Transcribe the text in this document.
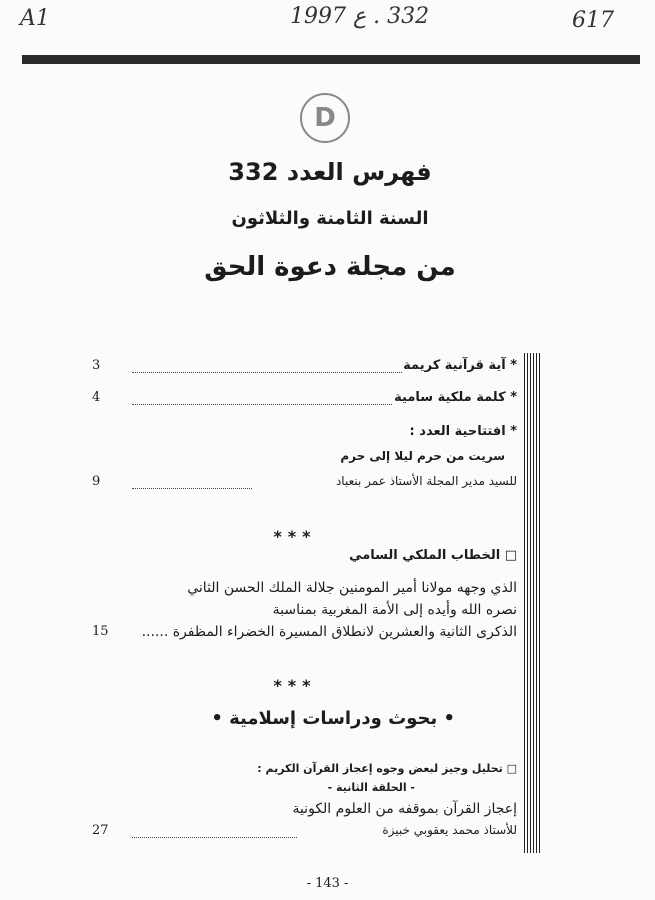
A1	332 . ع 1997	617
D
فهرس العدد 332
السنة الثامنة والثلاثون
من مجلة دعوة الحق
* آية قرآنية كريمة
3
* كلمة ملكية سامية
4
* افتتاحية العدد :
سريت من حرم ليلا إلى حرم
للسيد مدير المجلة الأستاذ عمر بنعباد
9
***
□ الخطاب الملكي السامي
الذي وجهه مولانا أمير المومنين جلالة الملك الحسن الثاني
نصره الله وأيده إلى الأمة المغربية بمناسبة
الذكرى الثانية والعشرين لانطلاق المسيرة الخضراء المظفرة ......
15
***
• بحوث ودراسات إسلامية •
□ تحليل وجيز لبعض وجوه إعجاز القرآن الكريم :
- الحلقة الثانية -
إعجاز القرآن بموقفه من العلوم الكونية
للأستاذ محمد يعقوبي خبيزة
27
- 143 -
